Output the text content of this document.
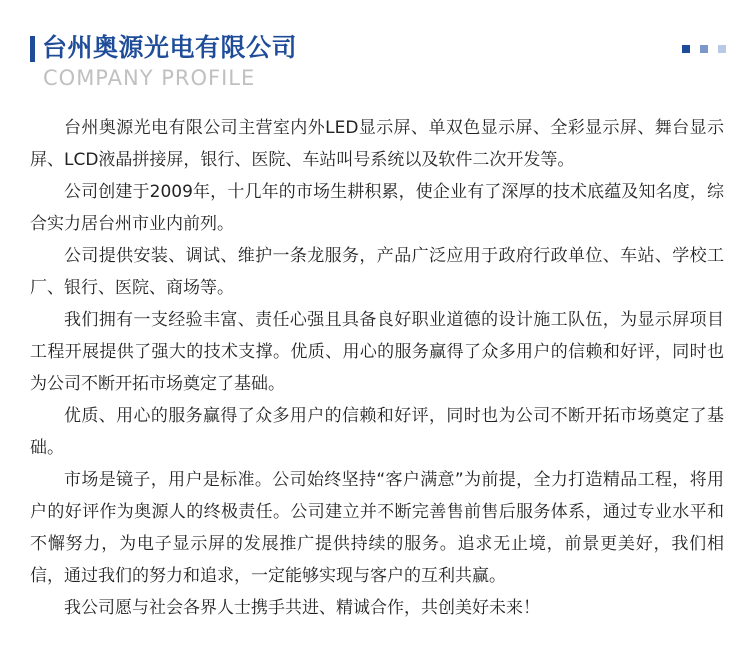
台州奥源光电有限公司
COMPANY PROFILE

台州奥源光电有限公司主营室内外LED显示屏、单双色显示屏、全彩显示屏、舞台显示屏、LCD液晶拼接屏，银行、医院、车站叫号系统以及软件二次开发等。

公司创建于2009年，十几年的市场生耕积累，使企业有了深厚的技术底蕴及知名度，综合实力居台州市业内前列。

公司提供安装、调试、维护一条龙服务，产品广泛应用于政府行政单位、车站、学校工厂、银行、医院、商场等。

我们拥有一支经验丰富、责任心强且具备良好职业道德的设计施工队伍，为显示屏项目工程开展提供了强大的技术支撑。优质、用心的服务赢得了众多用户的信赖和好评，同时也为公司不断开拓市场奠定了基础。

优质、用心的服务赢得了众多用户的信赖和好评，同时也为公司不断开拓市场奠定了基础。

市场是镜子，用户是标准。公司始终坚持“客户满意”为前提，全力打造精品工程，将用户的好评作为奥源人的终极责任。公司建立并不断完善售前售后服务体系，通过专业水平和不懈努力，为电子显示屏的发展推广提供持续的服务。追求无止境，前景更美好，我们相信，通过我们的努力和追求，一定能够实现与客户的互利共赢。

我公司愿与社会各界人士携手共进、精诚合作，共创美好未来！
